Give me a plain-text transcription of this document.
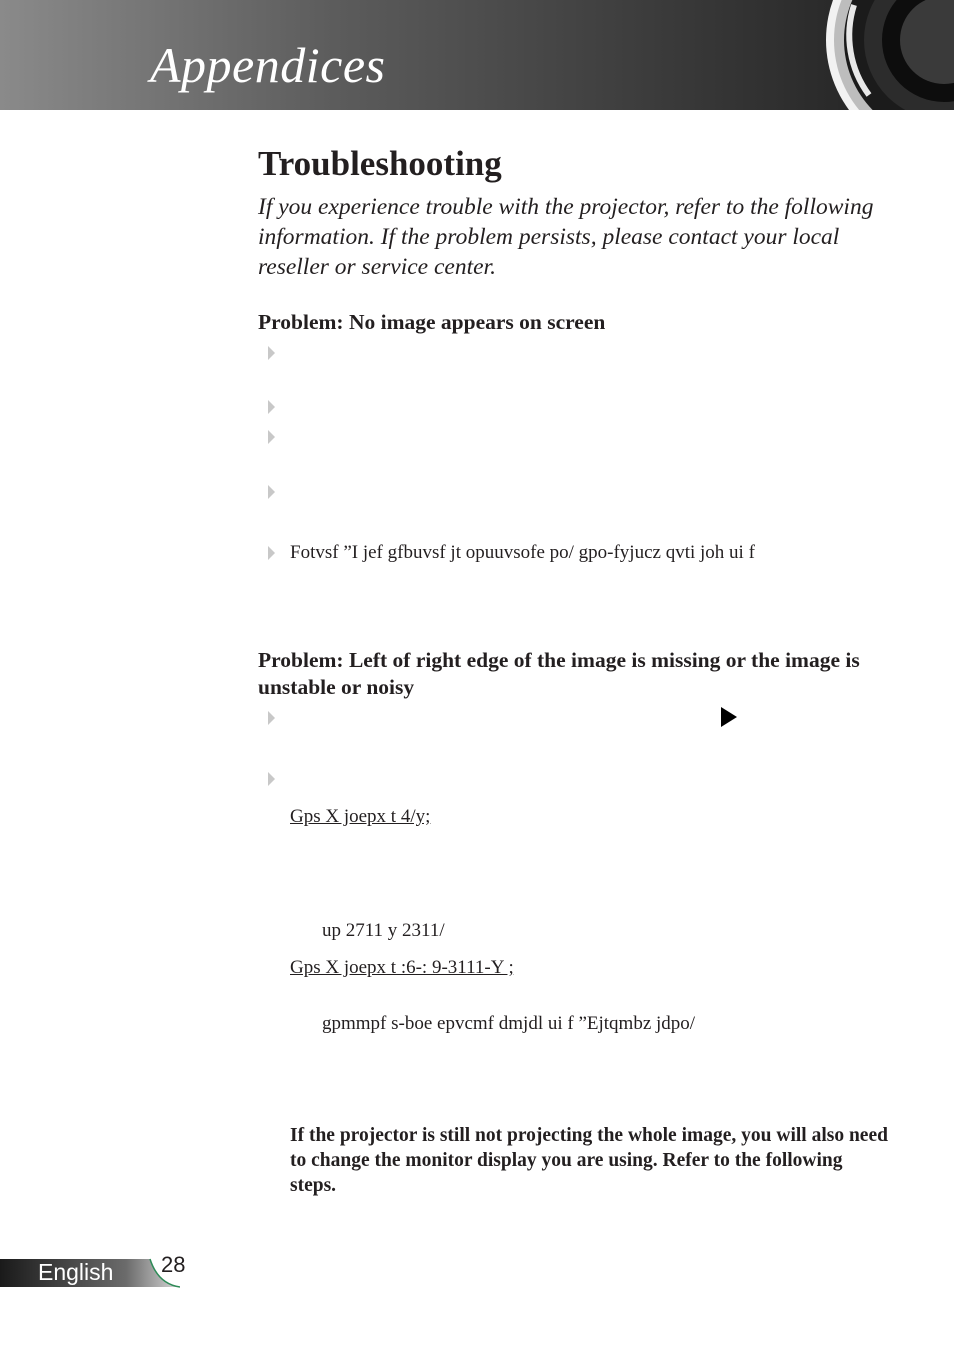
Appendices
Troubleshooting

If you experience trouble with the projector, refer to the following information. If the problem persists, please contact your local reseller or service center.

Problem: No image appears on screen

Fotvsf ”I jef gfbuvsf jt opuuvsofe po/ gpo-fyjucz qvti joh ui f

Problem: Left of right edge of the image is missing or the image is unstable or noisy

Gps X joepx t 4/y;
up 2711 y 2311/
Gps X joepx t :6-: 9-3111-Y ;
gpmmpf s-boe epvcmf dmjdl ui f ”Ejtqmbz jdpo/

If the projector is still not projecting the whole image, you will also need to change the monitor display you are using. Refer to the following steps.

English 28
